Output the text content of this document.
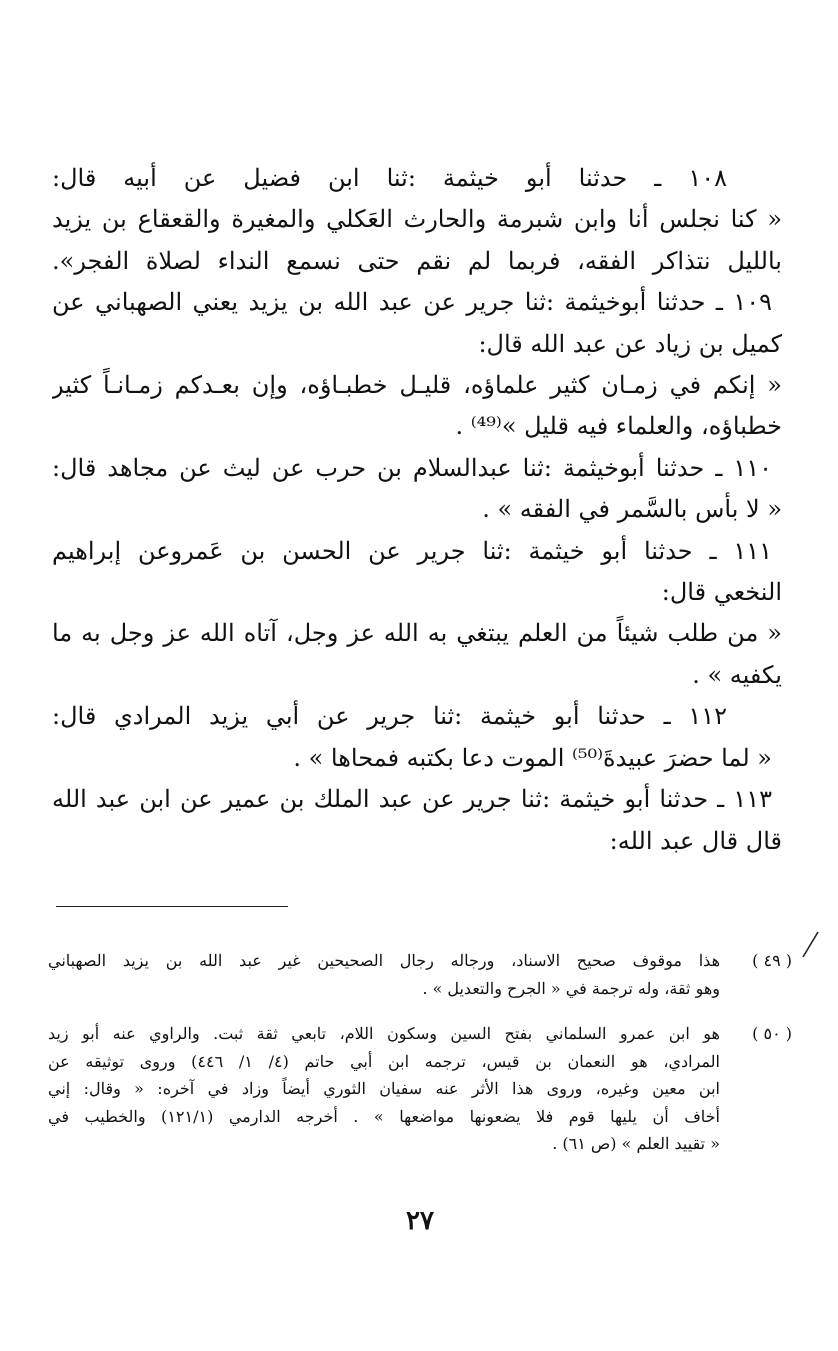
١٠٨ ـ حدثنا أبو خيثمة :ثنا ابن فضيل عن أبيه قال:
« كنا نجلس أنا وابن شبرمة والحارث العَكلي والمغيرة والقعقاع بن يزيد
بالليل نتذاكر الفقه، فربما لم نقم حتى نسمع النداء لصلاة الفجر».
١٠٩ ـ حدثنا أبوخيثمة :ثنا جرير عن عبد الله بن يزيد يعني الصهباني عن
كميل بن زياد عن عبد الله قال:
« إنكم في زمـان كثير علماؤه، قليـل خطبـاؤه، وإن بعـدكم زمـانـاً كثير
خطباؤه، والعلماء فيه قليل »⁽⁴⁹⁾ .
١١٠ ـ حدثنا أبوخيثمة :ثنا عبدالسلام بن حرب عن ليث عن مجاهد قال:
« لا بأس بالسَّمر في الفقه » .
١١١ ـ حدثنا أبو خيثمة :ثنا جرير عن الحسن بن عَمروعن إبراهيم
النخعي قال:
« من طلب شيئاً من العلم يبتغي به الله عز وجل، آتاه الله عز وجل به ما
يكفيه » .
١١٢ ـ حدثنا أبو خيثمة :ثنا جرير عن أبي يزيد المرادي قال:
« لما حضرَ عبيدةَ⁽⁵⁰⁾ الموت دعا بكتبه فمحاها » .
١١٣ ـ حدثنا أبو خيثمة :ثنا جرير عن عبد الملك بن عمير عن ابن عبد الله
قال قال عبد الله:
( ٤٩ )
هذا موقوف صحيح الاسناد، ورجاله رجال الصحيحين غير عبد الله بن يزيد الصهباني
وهو ثقة، وله ترجمة في « الجرح والتعديل » .
( ٥٠ )
هو ابن عمرو السلماني بفتح السين وسكون اللام، تابعي ثقة ثبت. والراوي عنه أبو زيد
المرادي، هو النعمان بن قيس، ترجمه ابن أبي حاتم (٤/ ١/ ٤٤٦) وروى توثيقه عن
ابن معين وغيره، وروى هذا الأثر عنه سفيان الثوري أيضاً وزاد في آخره: « وقال: إني
أخاف أن يليها قوم فلا يضعونها مواضعها » . أخرجه الدارمي (١٢١/١) والخطيب في
« تقييد العلم » (ص ٦١) .
٢٧
